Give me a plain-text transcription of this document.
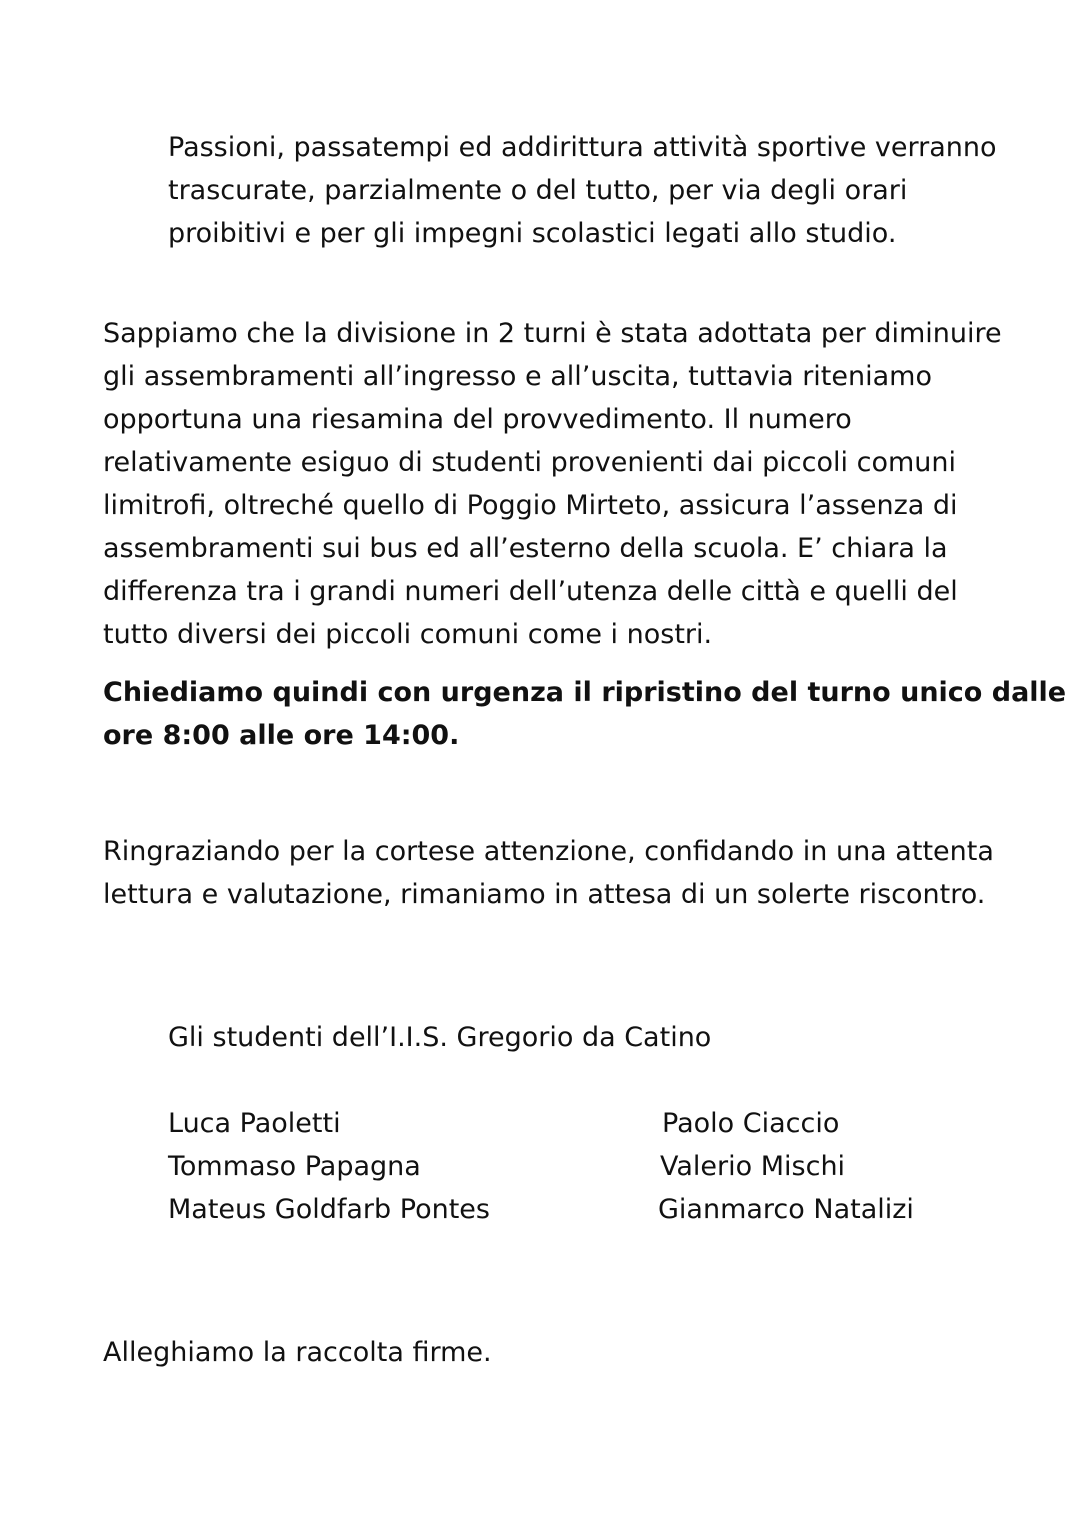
Passioni, passatempi ed addirittura attività sportive verranno
trascurate, parzialmente o del tutto, per via degli orari
proibitivi e per gli impegni scolastici legati allo studio.

Sappiamo che la divisione in 2 turni è stata adottata per diminuire
gli assembramenti all’ingresso e all’uscita, tuttavia riteniamo
opportuna una riesamina del provvedimento. Il numero
relativamente esiguo di studenti provenienti dai piccoli comuni
limitrofi, oltreché quello di Poggio Mirteto, assicura l’assenza di
assembramenti sui bus ed all’esterno della scuola. E’ chiara la
differenza tra i grandi numeri dell’utenza delle città e quelli del
tutto diversi dei piccoli comuni come i nostri.

Chiediamo quindi con urgenza il ripristino del turno unico dalle
ore 8:00 alle ore 14:00.

Ringraziando per la cortese attenzione, confidando in una attenta
lettura e valutazione, rimaniamo in attesa di un solerte riscontro.

Gli studenti dell’I.I.S. Gregorio da Catino

Luca Paoletti
Tommaso Papagna
Mateus Goldfarb Pontes
Paolo Ciaccio
Valerio Mischi
Gianmarco Natalizi

Alleghiamo la raccolta firme.
